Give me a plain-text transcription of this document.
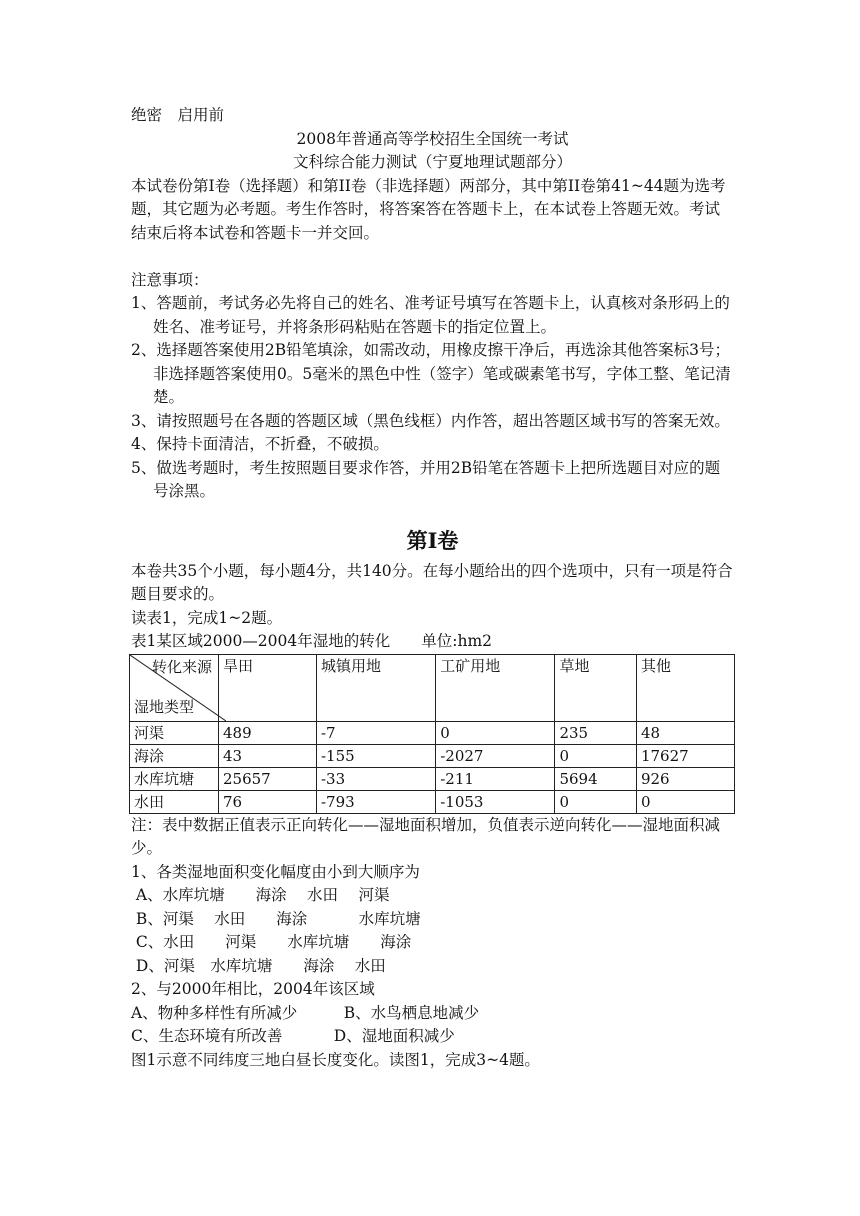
绝密　启用前
2008年普通高等学校招生全国统一考试
文科综合能力测试（宁夏地理试题部分）
本试卷份第Ⅰ卷（选择题）和第II卷（非选择题）两部分，其中第II卷第41~44题为选考题，其它题为必考题。考生作答时，将答案答在答题卡上，在本试卷上答题无效。考试结束后将本试卷和答题卡一并交回。
注意事项：
1、答题前，考试务必先将自己的姓名、准考证号填写在答题卡上，认真核对条形码上的姓名、准考证号，并将条形码粘贴在答题卡的指定位置上。
2、选择题答案使用2B铅笔填涂，如需改动，用橡皮擦干净后，再选涂其他答案标3号；非选择题答案使用0。5毫米的黑色中性（签字）笔或碳素笔书写，字体工整、笔记清楚。
3、请按照题号在各题的答题区域（黑色线框）内作答，超出答题区域书写的答案无效。
4、保持卡面清洁，不折叠，不破损。
5、做选考题时，考生按照题目要求作答，并用2B铅笔在答题卡上把所选题目对应的题号涂黑。
第I卷
本卷共35个小题，每小题4分，共140分。在每小题给出的四个选项中，只有一项是符合题目要求的。
读表1，完成1~2题。
表1某区域2000—2004年湿地的转化　　单位:hm2
转化来源
湿地类型	旱田	城镇用地	工矿用地	草地	其他
河渠	489	-7	0	235	48
海涂	43	-155	-2027	0	17627
水库坑塘	25657	-33	-211	5694	926
水田	76	-793	-1053	0	0
注：表中数据正值表示正向转化——湿地面积增加，负值表示逆向转化——湿地面积减少。
1、各类湿地面积变化幅度由小到大顺序为
A、水库坑塘　　海涂　 水田　 河渠
B、河渠　 水田　　海涂　　　 水库坑塘
C、水田　　河渠　　水库坑塘　　海涂
D、河渠　水库坑塘　　海涂　 水田
2、与2000年相比，2004年该区域
A、物种多样性有所减少　　　B、水鸟栖息地减少
C、生态环境有所改善　　　 D、湿地面积减少
图1示意不同纬度三地白昼长度变化。读图1，完成3~4题。
